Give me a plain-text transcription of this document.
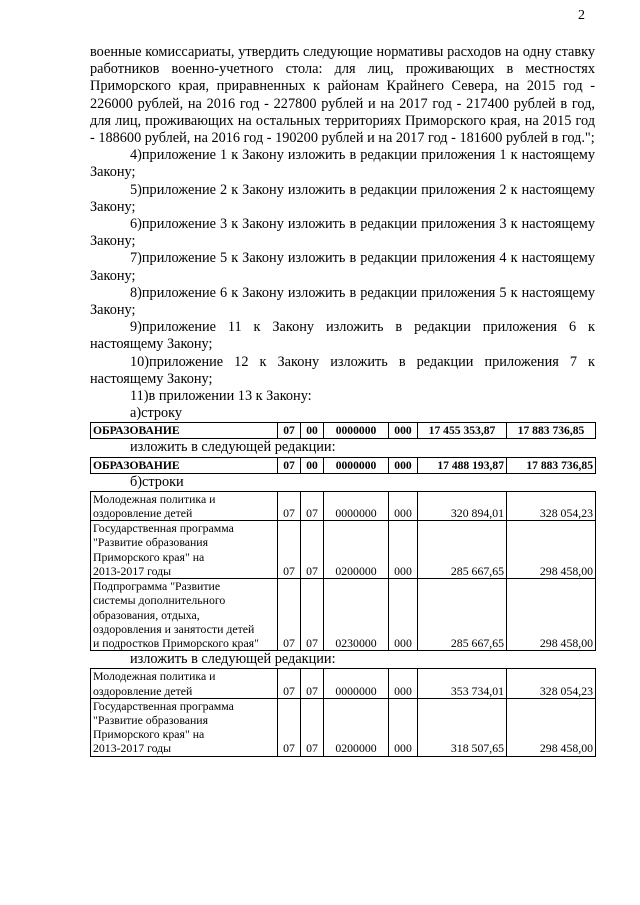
2

военные комиссариаты, утвердить следующие нормативы расходов на одну ставку работников военно-учетного стола: для лиц, проживающих в местностях Приморского края, приравненных к районам Крайнего Севера, на 2015 год - 226000 рублей, на 2016 год - 227800 рублей и на 2017 год - 217400 рублей в год, для лиц, проживающих на остальных территориях Приморского края, на 2015 год - 188600 рублей, на 2016 год - 190200 рублей и на 2017 год - 181600 рублей в год.";

4)приложение 1 к Закону изложить в редакции приложения 1 к настоящему Закону;

5)приложение 2 к Закону изложить в редакции приложения 2 к настоящему Закону;

6)приложение 3 к Закону изложить в редакции приложения 3 к настоящему Закону;

7)приложение 5 к Закону изложить в редакции приложения 4 к настоящему Закону;

8)приложение 6 к Закону изложить в редакции приложения 5 к настоящему Закону;

9)приложение 11 к Закону изложить в редакции приложения 6 к настоящему Закону;

10)приложение 12 к Закону изложить в редакции приложения 7 к настоящему Закону;

11)в приложении 13 к Закону:

а)строку

ОБРАЗОВАНИЕ	07	00	0000000	000	17 455 353,87	17 883 736,85

изложить в следующей редакции:

ОБРАЗОВАНИЕ	07	00	0000000	000	17 488 193,87	17 883 736,85

б)строки

Молодежная политика и
оздоровление детей	07	07	0000000	000	320 894,01	328 054,23
Государственная программа
"Развитие образования
Приморского края" на
2013-2017 годы	07	07	0200000	000	285 667,65	298 458,00
Подпрограмма "Развитие
системы дополнительного
образования, отдыха,
оздоровления и занятости детей
и подростков Приморского края"	07	07	0230000	000	285 667,65	298 458,00

изложить в следующей редакции:

Молодежная политика и
оздоровление детей	07	07	0000000	000	353 734,01	328 054,23
Государственная программа
"Развитие образования
Приморского края" на
2013-2017 годы	07	07	0200000	000	318 507,65	298 458,00
